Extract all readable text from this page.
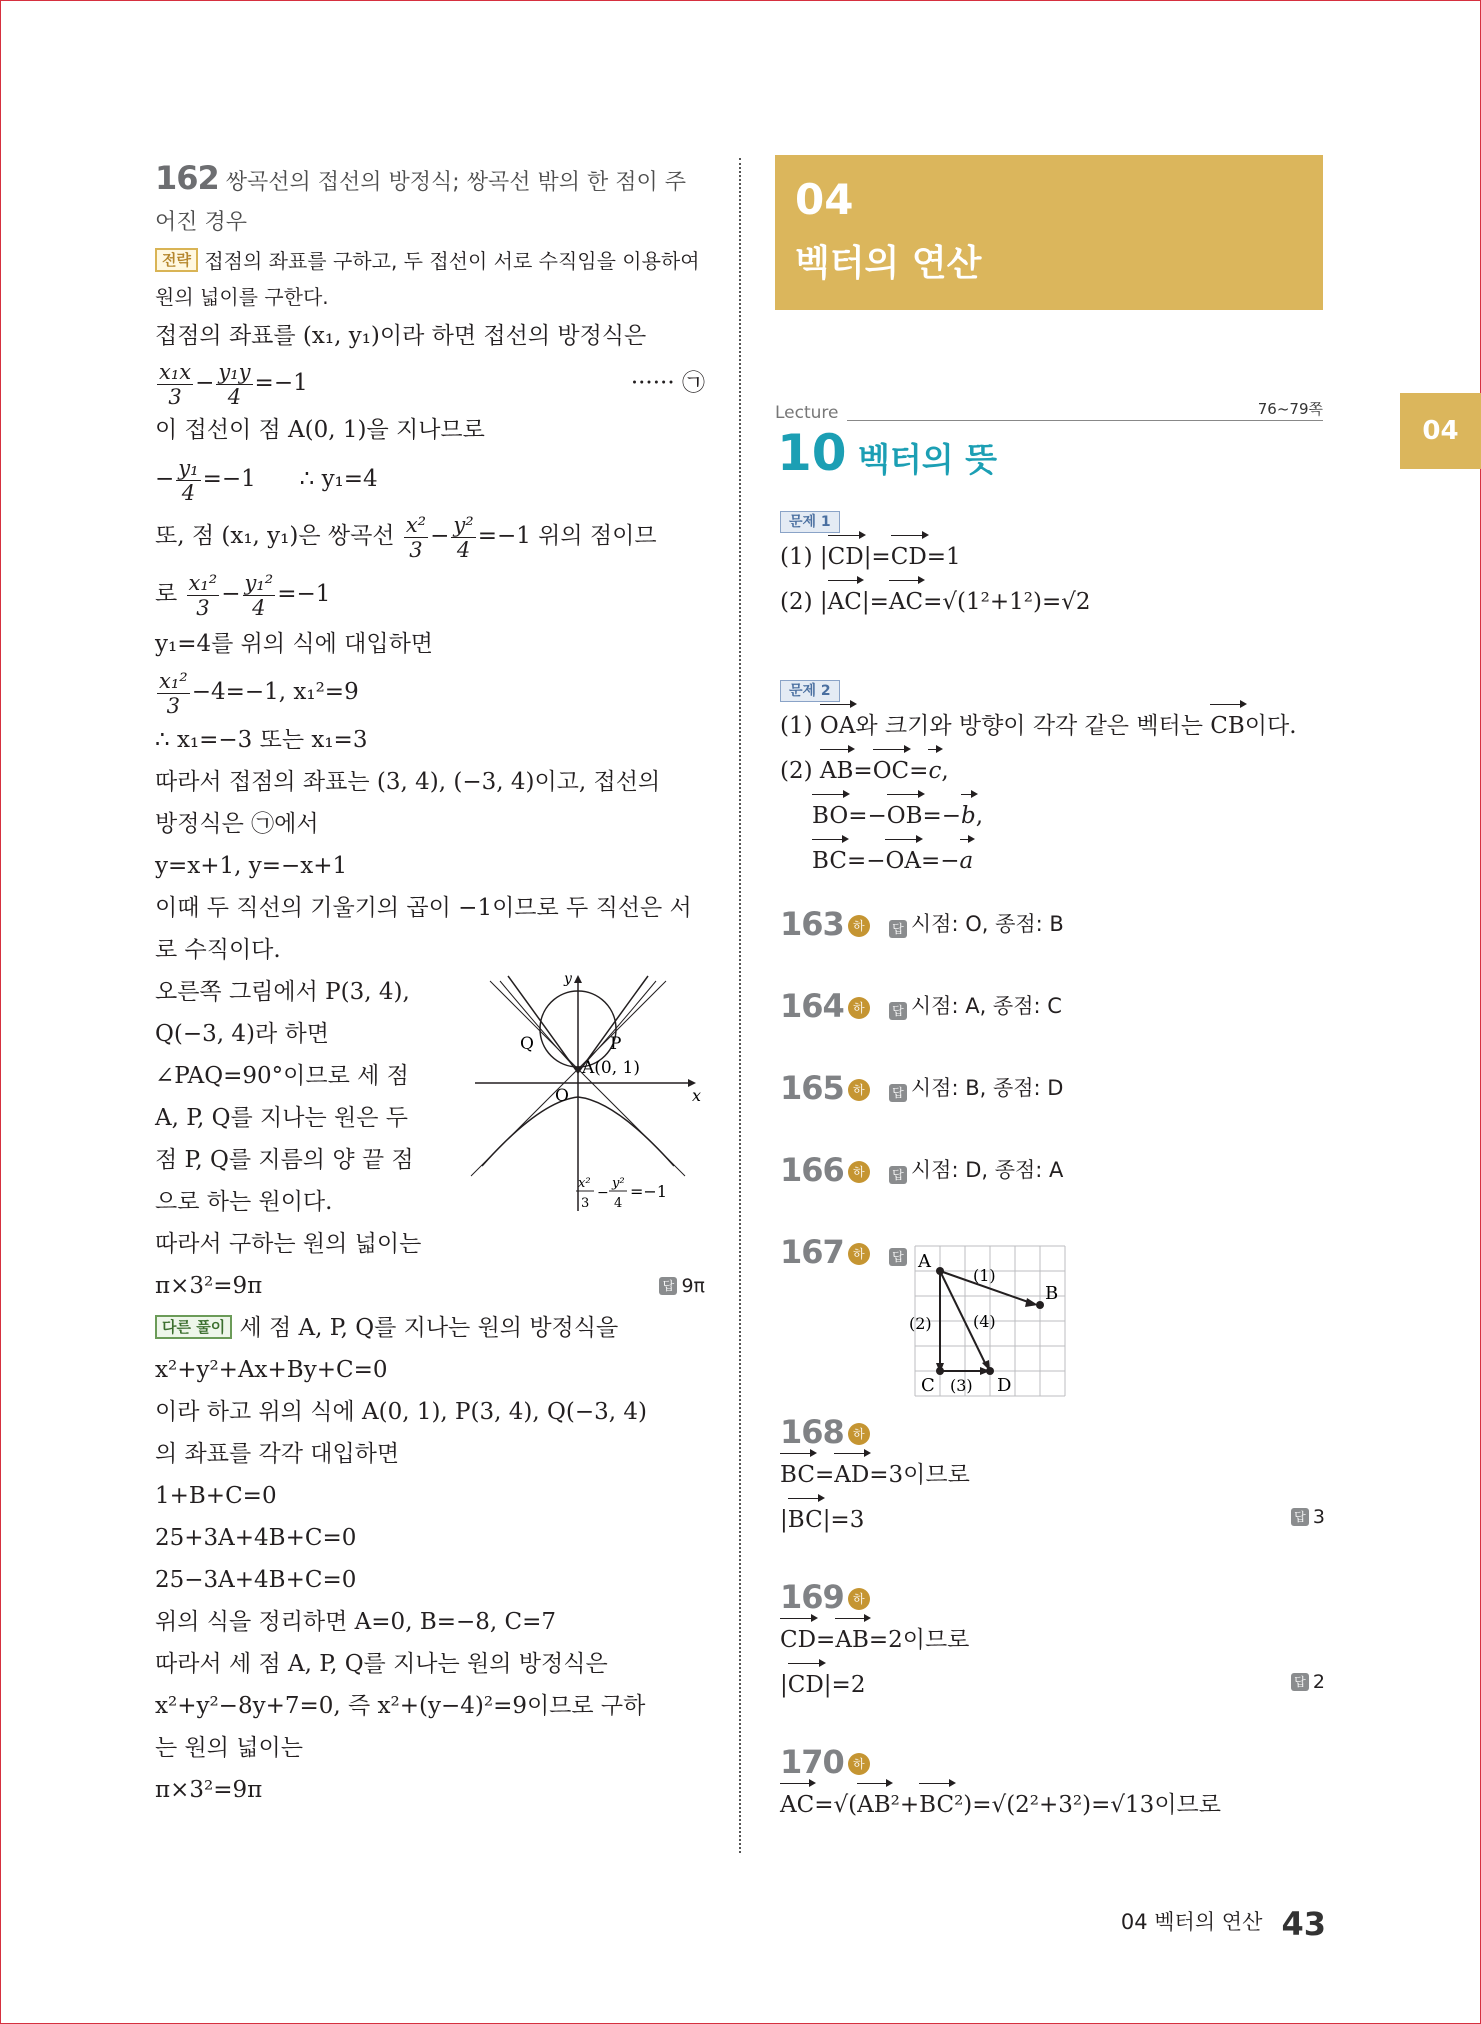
162 쌍곡선의 접선의 방정식; 쌍곡선 밖의 한 점이 주어진 경우
전략 접점의 좌표를 구하고, 두 접선이 서로 수직임을 이용하여
원의 넓이를 구한다.
접점의 좌표를 (x₁, y₁)이라 하면 접선의 방정식은
$\frac{\text{x₁x}}{3} - \frac{\text{y₁y}}{4} =-1$	······ ㉠
이 접선이 점 A(0, 1)을 지나므로
− $\frac{\text{y₁}}{4} =-1$      ∴ y₁=4
또, 점 (x₁, y₁)은 쌍곡선 $\frac{\text{x²}}{3} - \frac{\text{y²}}{4} =-1$ 위의 점이므
로 $\frac{\text{x₁²}}{3} - \frac{\text{y₁²}}{4} =-1$
y₁=4를 위의 식에 대입하면
$\frac{\text{x₁²}}{3} -4=-1$, x₁²=9
∴ x₁=−3 또는 x₁=3
따라서 접점의 좌표는 (3, 4), (−3, 4)이고, 접선의
방정식은 ㉠에서
y=x+1, y=−x+1
이때 두 직선의 기울기의 곱이 −1이므로 두 직선은 서
로 수직이다.
오른쪽 그림에서 P(3, 4),
Q(−3, 4)라 하면
∠PAQ=90°이므로 세 점
A, P, Q를 지나는 원은 두
점 P, Q를 지름의 양 끝 점
으로 하는 원이다.
따라서 구하는 원의 넓이는
y
x
Q	P
O
A(0, 1)
x²
3
−
y²
4
=−1
π×3²=9π	답 9π
다른 풀이 세 점 A, P, Q를 지나는 원의 방정식을
x²+y²+Ax+By+C=0
이라 하고 위의 식에 A(0, 1), P(3, 4), Q(−3, 4)
의 좌표를 각각 대입하면
1+B+C=0
25+3A+4B+C=0
25−3A+4B+C=0
위의 식을 정리하면 A=0, B=−8, C=7
따라서 세 점 A, P, Q를 지나는 원의 방정식은
x²+y²−8y+7=0, 즉 x²+(y−4)²=9이므로 구하
는 원의 넓이는
π×3²=9π
04
벡터의 연산
Lecture	76~79쪽
10 벡터의 뜻
문제 1
(1) |CD|=CD=1
(2) |AC|=AC=√(1²+1²)=√2
문제 2
(1) OA와 크기와 방향이 각각 같은 벡터는 CB이다.
(2) AB=OC=c,
BO=−OB=−b,
BC=−OA=−a
163 하 답 시점: O, 종점: B
164 하 답 시점: A, 종점: C
165 하 답 시점: B, 종점: D
166 하 답 시점: D, 종점: A
167 하 답 A
B
C	D
(1)
(2)
(3)
(4)
168 하
BC=AD=3이므로
|BC|=3	답 3
169 하
CD=AB=2이므로
|CD|=2	답 2
170 하
AC=√(AB²+BC²)=√(2²+3²)=√13이므로
04
04 벡터의 연산 43
